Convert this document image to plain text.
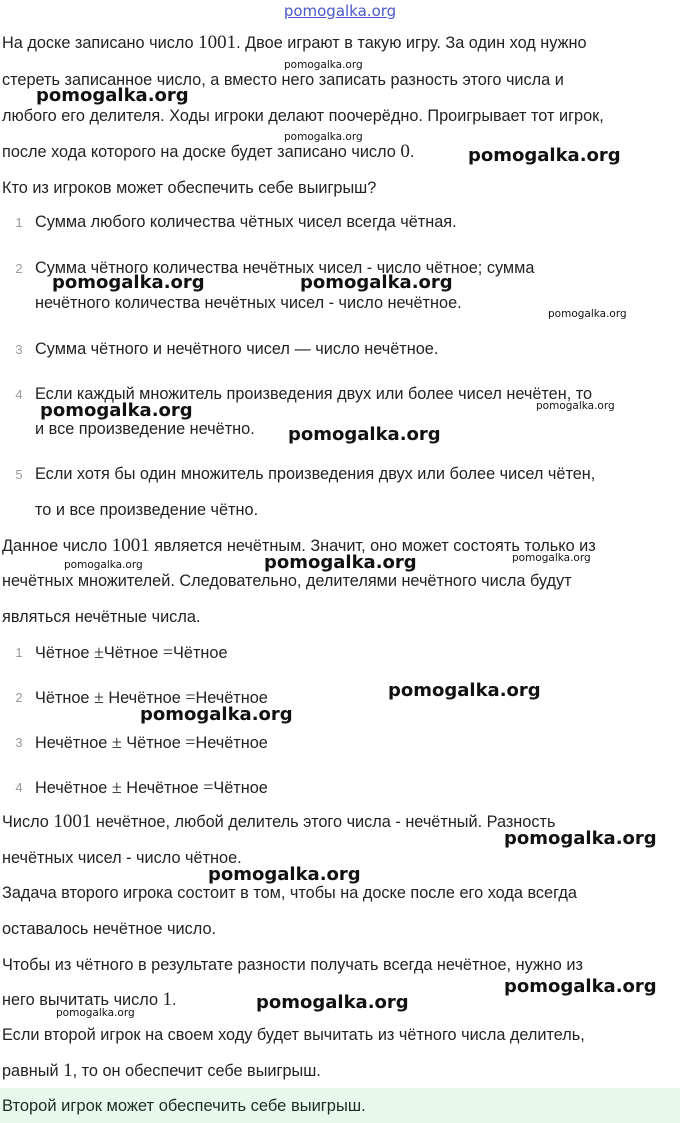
pomogalka.org
На доске записано число 1001. Двое играют в такую игру. За один ход нужно
стереть записанное число, а вместо него записать разность этого числа и
любого его делителя. Ходы игроки делают поочерёдно. Проигрывает тот игрок,
после хода которого на доске будет записано число 0.
Кто из игроков может обеспечить себе выигрыш?
1 Сумма любого количества чётных чисел всегда чётная.
2 Сумма чётного количества нечётных чисел - число чётное; сумма
нечётного количества нечётных чисел - число нечётное.
3 Сумма чётного и нечётного чисел — число нечётное.
4 Если каждый множитель произведения двух или более чисел нечётен, то
и все произведение нечётно.
5 Если хотя бы один множитель произведения двух или более чисел чётен,
то и все произведение чётно.
Данное число 1001 является нечётным. Значит, оно может состоять только из
нечётных множителей. Следовательно, делителями нечётного числа будут
являться нечётные числа.
1 Чётное ±Чётное =Чётное
2 Чётное ± Нечётное =Нечётное
3 Нечётное ± Чётное =Нечётное
4 Нечётное ± Нечётное =Чётное
Число 1001 нечётное, любой делитель этого числа - нечётный. Разность
нечётных чисел - число чётное.
Задача второго игрока состоит в том, чтобы на доске после его хода всегда
оставалось нечётное число.
Чтобы из чётного в результате разности получать всегда нечётное, нужно из
него вычитать число 1.
Если второй игрок на своем ходу будет вычитать из чётного числа делитель,
равный 1, то он обеспечит себе выигрыш.
Второй игрок может обеспечить себе выигрыш.
pomogalka.org
pomogalka.org
pomogalka.org
pomogalka.org
pomogalka.org	pomogalka.org
pomogalka.org
pomogalka.org
pomogalka.org
pomogalka.org
pomogalka.org	pomogalka.org	pomogalka.org
pomogalka.org
pomogalka.org
pomogalka.org
pomogalka.org
pomogalka.org
pomogalka.org
pomogalka.org
